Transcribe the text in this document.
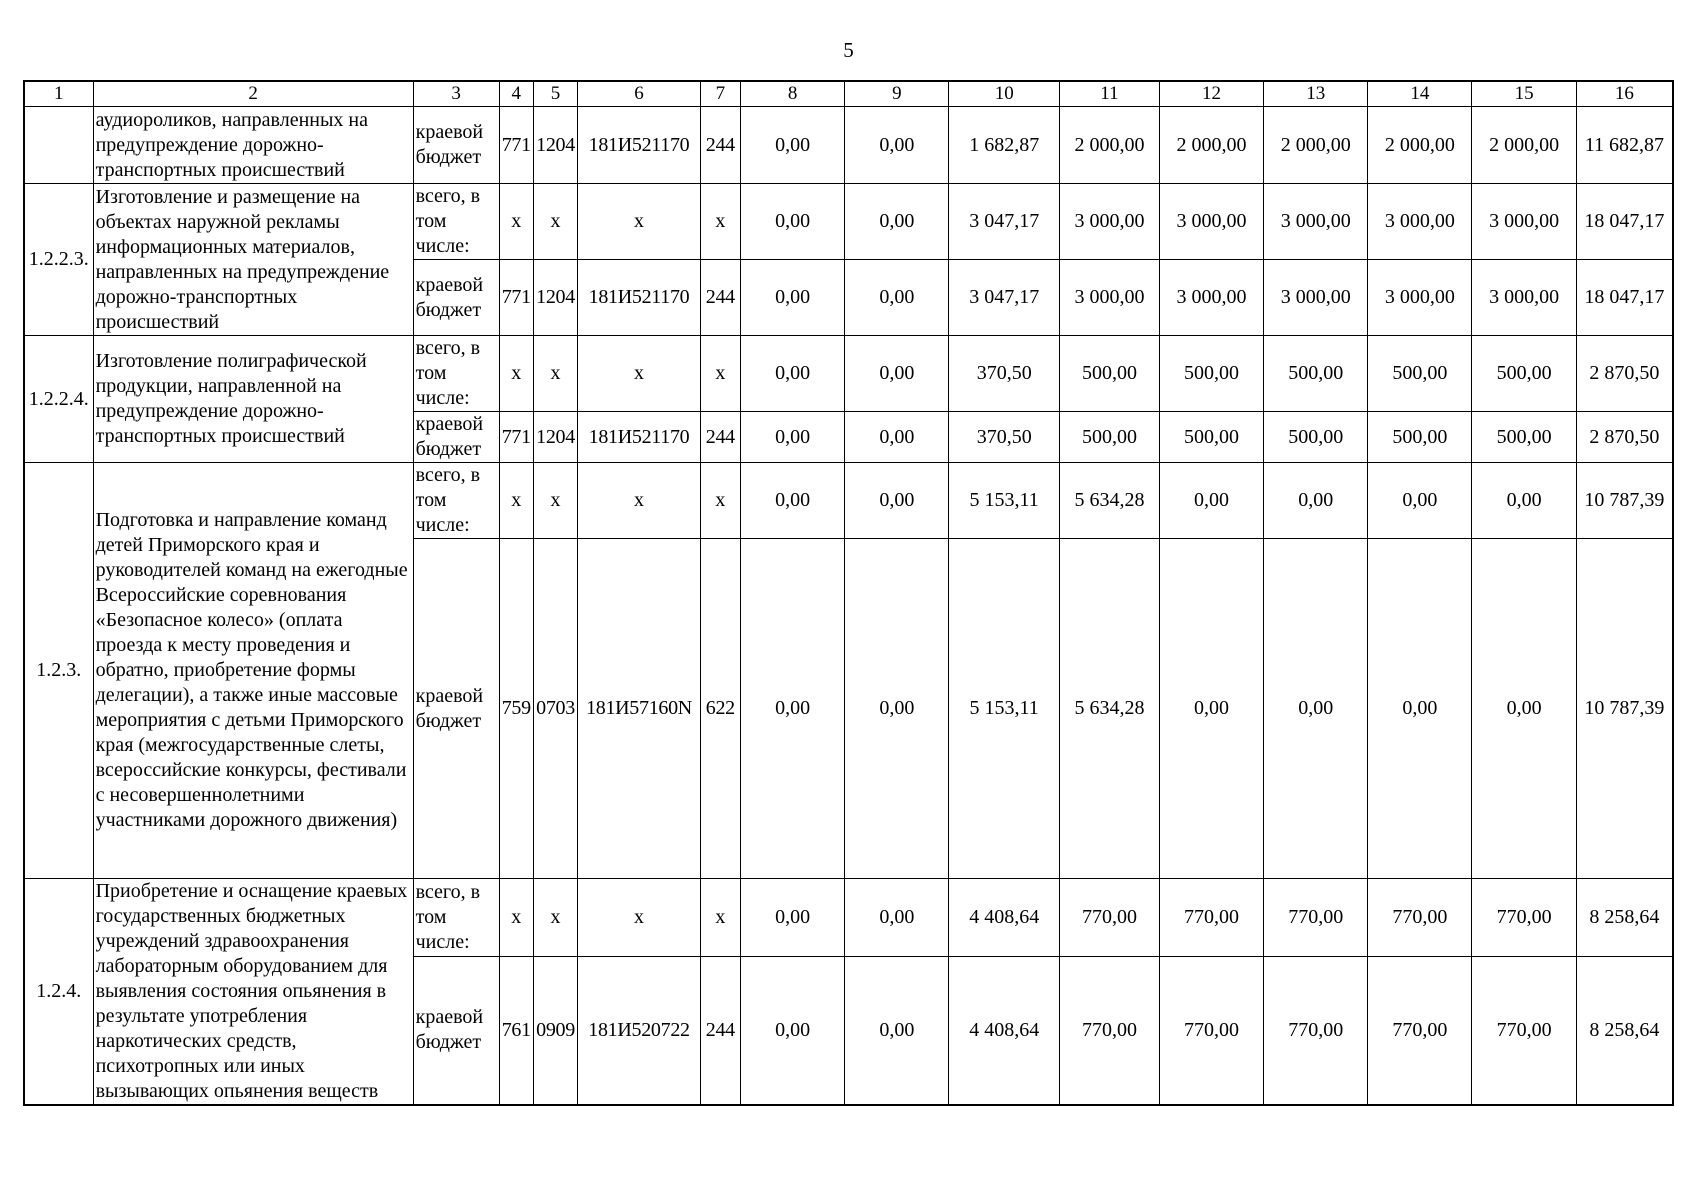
5
1	2	3	4	5	6	7	8	9	10	11	12	13	14	15	16
	аудиороликов, направленных на предупреждение дорожно-транспортных происшествий	краевой бюджет	771	1204	181И521170	244	0,00	0,00	1 682,87	2 000,00	2 000,00	2 000,00	2 000,00	2 000,00	11 682,87
1.2.2.3.	Изготовление и размещение на объектах наружной рекламы информационных материалов, направленных на предупреждение дорожно-транспортных происшествий	всего, в том числе:	x	x	x	x	0,00	0,00	3 047,17	3 000,00	3 000,00	3 000,00	3 000,00	3 000,00	18 047,17
		краевой бюджет	771	1204	181И521170	244	0,00	0,00	3 047,17	3 000,00	3 000,00	3 000,00	3 000,00	3 000,00	18 047,17
1.2.2.4.	Изготовление полиграфической продукции, направленной на предупреждение дорожно-транспортных происшествий	всего, в том числе:	x	x	x	x	0,00	0,00	370,50	500,00	500,00	500,00	500,00	500,00	2 870,50
		краевой бюджет	771	1204	181И521170	244	0,00	0,00	370,50	500,00	500,00	500,00	500,00	500,00	2 870,50
1.2.3.	Подготовка и направление команд детей Приморского края и руководителей команд на ежегодные Всероссийские соревнования «Безопасное колесо» (оплата проезда к месту проведения и обратно, приобретение формы делегации), а также иные массовые мероприятия с детьми Приморского края (межгосударственные слеты, всероссийские конкурсы, фестивали с несовершеннолетними участниками дорожного движения)	всего, в том числе:	x	x	x	x	0,00	0,00	5 153,11	5 634,28	0,00	0,00	0,00	0,00	10 787,39
		краевой бюджет	759	0703	181И57160N	622	0,00	0,00	5 153,11	5 634,28	0,00	0,00	0,00	0,00	10 787,39
1.2.4.	Приобретение и оснащение краевых государственных бюджетных учреждений здравоохранения лабораторным оборудованием для выявления состояния опьянения в результате употребления наркотических средств, психотропных или иных вызывающих опьянения веществ	всего, в том числе:	x	x	x	x	0,00	0,00	4 408,64	770,00	770,00	770,00	770,00	770,00	8 258,64
		краевой бюджет	761	0909	181И520722	244	0,00	0,00	4 408,64	770,00	770,00	770,00	770,00	770,00	8 258,64
